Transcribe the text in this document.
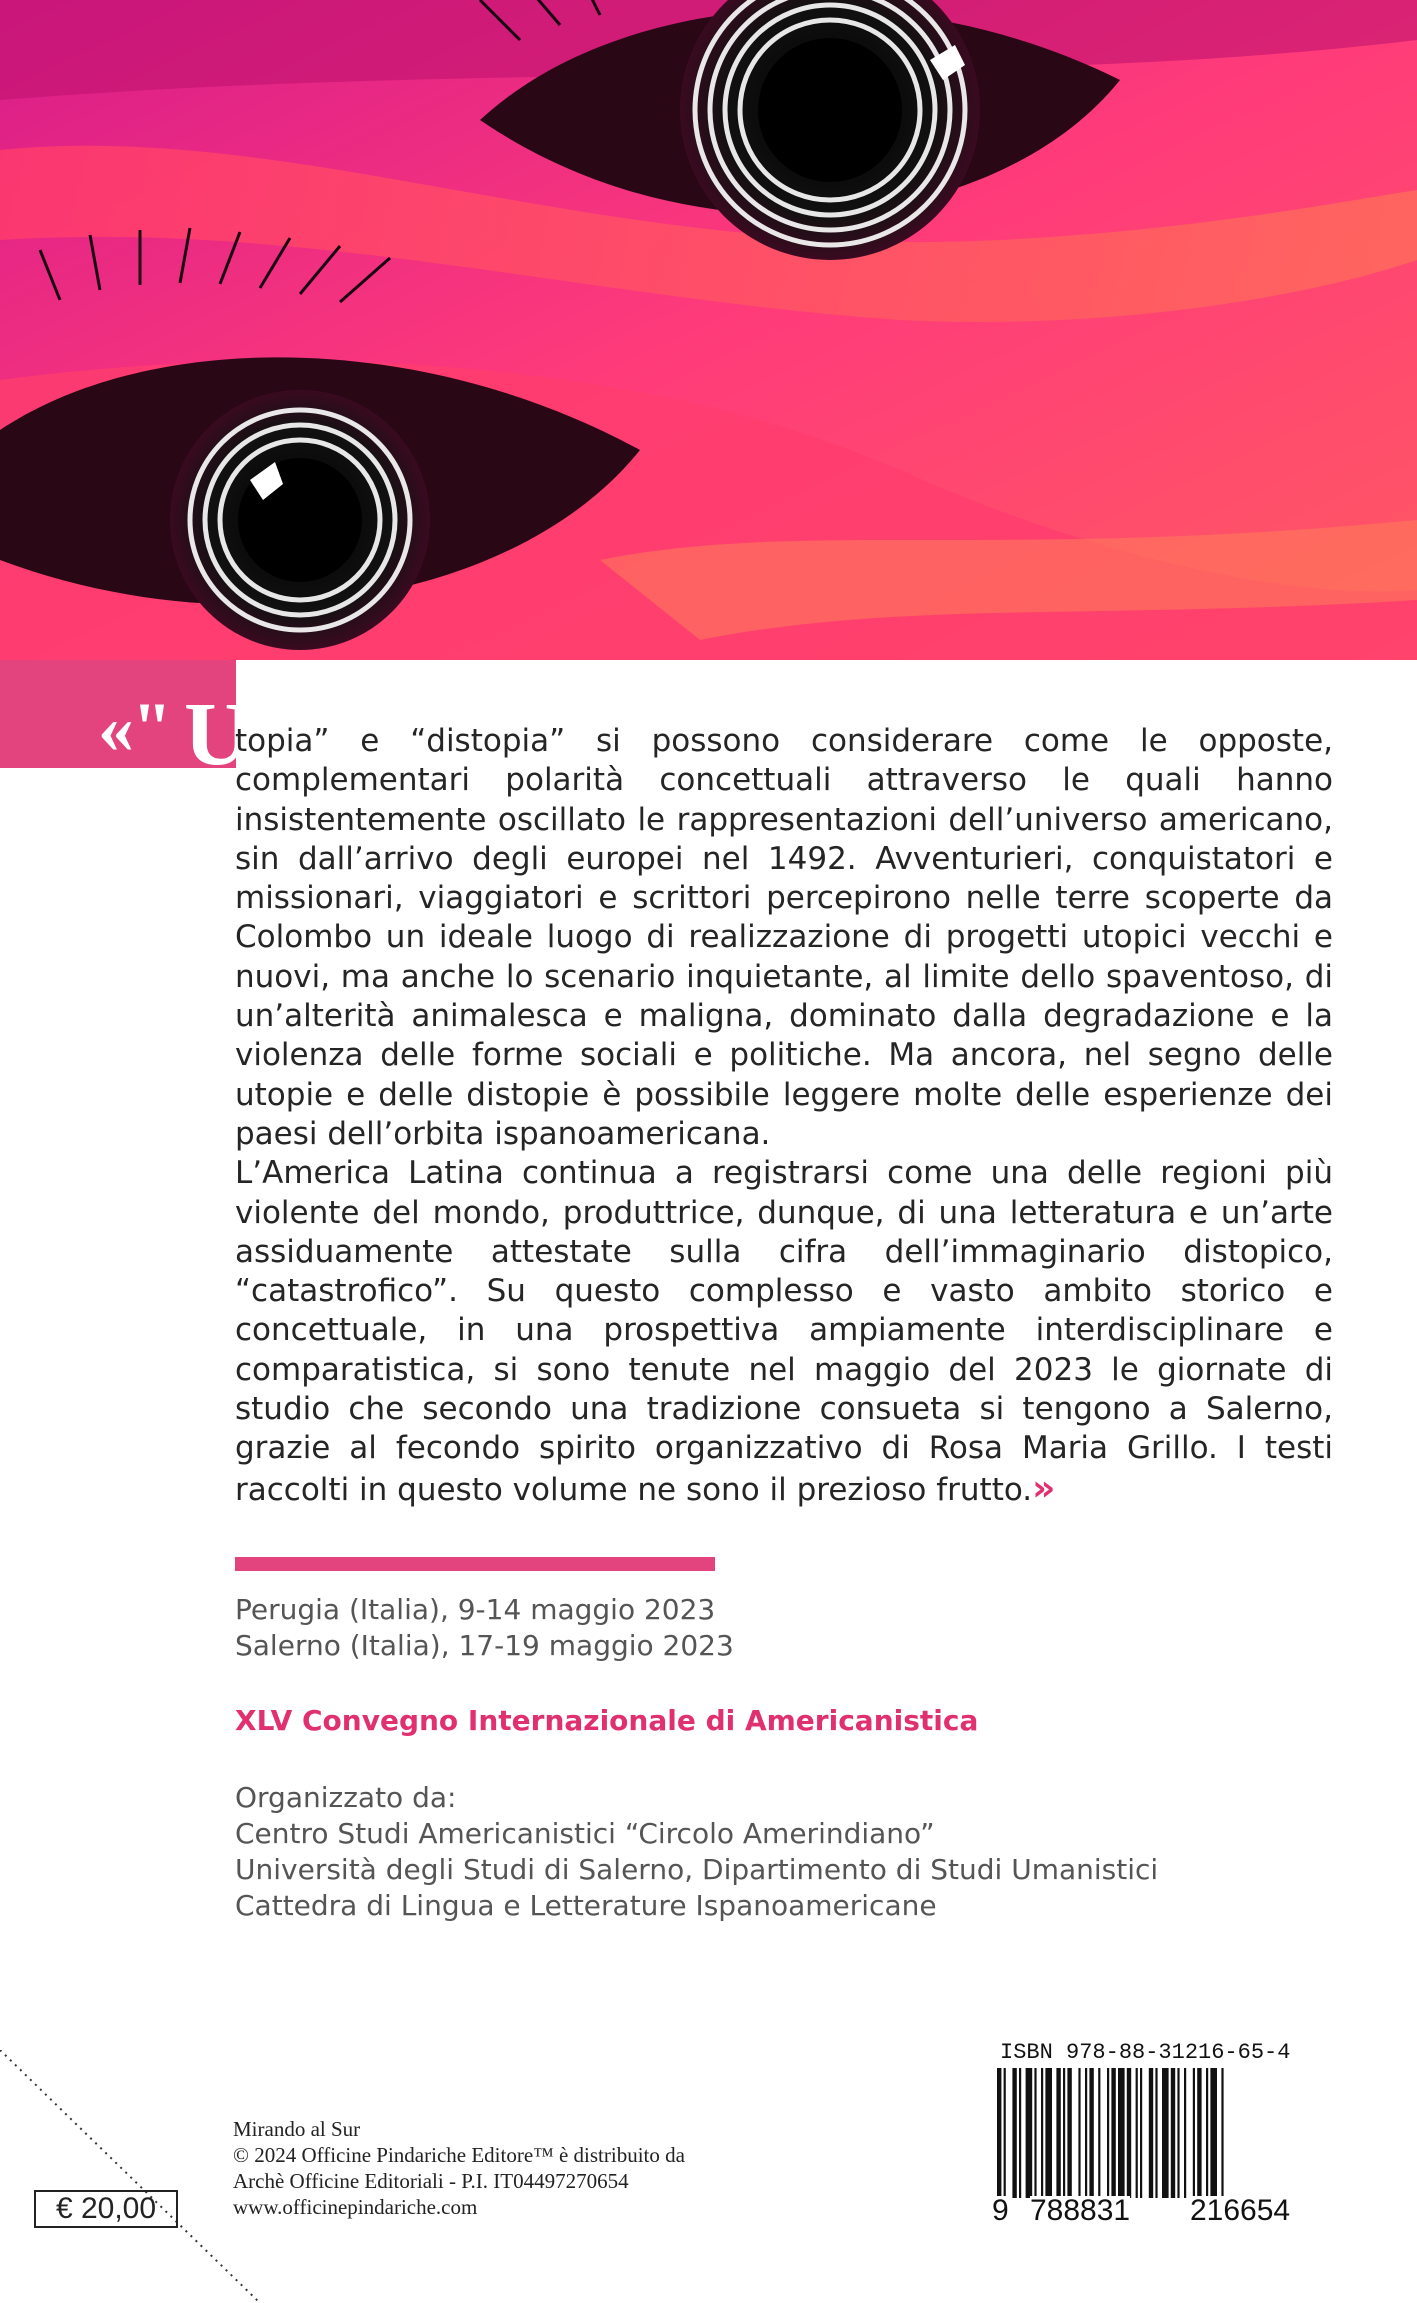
«" U

topia” e “distopia” si possono considerare come le opposte, complementari polarità concettuali attraverso le quali hanno insistentemente oscillato le rappresentazioni dell’universo americano, sin dall’arrivo degli europei nel 1492. Avventurieri, conquistatori e missionari, viaggiatori e scrittori percepirono nelle terre scoperte da Colombo un ideale luogo di realizzazione di progetti utopici vecchi e nuovi, ma anche lo scenario inquietante, al limite dello spaventoso, di un’alterità animalesca e maligna, dominato dalla degradazione e la violenza delle forme sociali e politiche. Ma ancora, nel segno delle utopie e delle distopie è possibile leggere molte delle esperienze dei paesi dell’orbita ispanoamericana.

L’America Latina continua a registrarsi come una delle regioni più violente del mondo, produttrice, dunque, di una letteratura e un’arte assiduamente attestate sulla cifra dell’immaginario distopico, “catastrofico”. Su questo complesso e vasto ambito storico e concettuale, in una prospettiva ampiamente interdisciplinare e comparatistica, si sono tenute nel maggio del 2023 le giornate di studio che secondo una tradizione consueta si tengono a Salerno, grazie al fecondo spirito organizzativo di Rosa Maria Grillo. I testi raccolti in questo volume ne sono il prezioso frutto.»

Perugia (Italia), 9-14 maggio 2023
Salerno (Italia), 17-19 maggio 2023
XLV Convegno Internazionale di Americanistica
Organizzato da:
Centro Studi Americanistici “Circolo Amerindiano”
Università degli Studi di Salerno, Dipartimento di Studi Umanistici
Cattedra di Lingua e Letterature Ispanoamericane
€ 20,00
Mirando al Sur
© 2024 Officine Pindariche Editore™ è distribuito da
Archè Officine Editoriali - P.I. IT04497270654
www.officinepindariche.com
ISBN 978-88-31216-65-4
9 788831 216654
